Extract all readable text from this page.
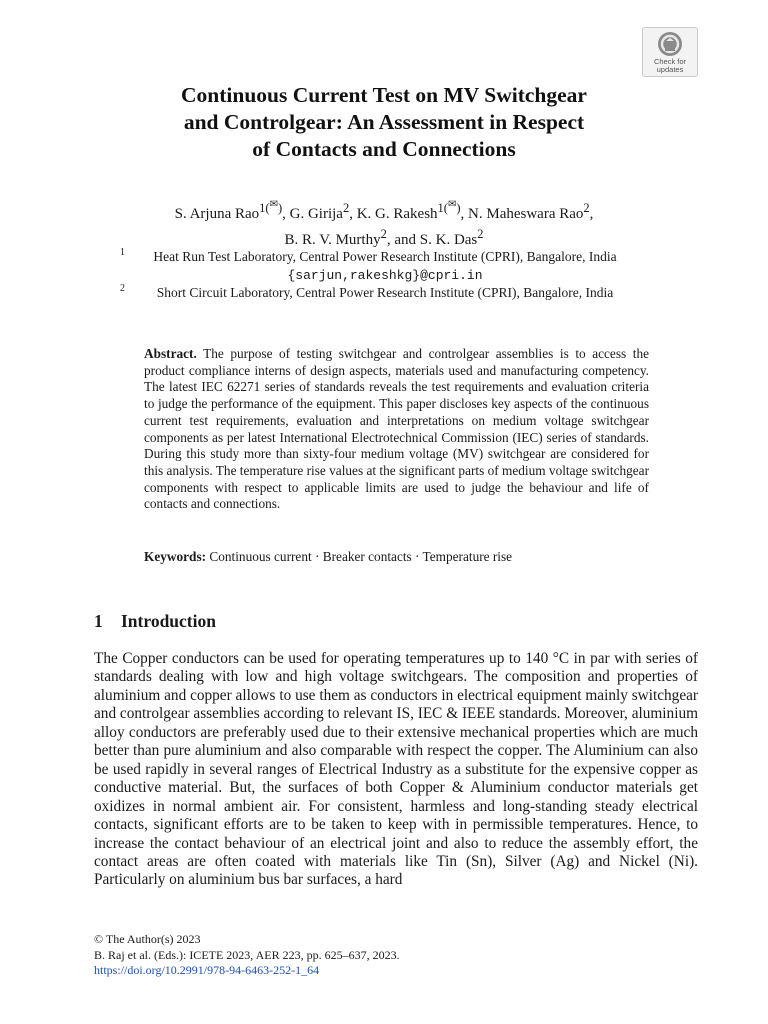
Check for
updates
Continuous Current Test on MV Switchgear
and Controlgear: An Assessment in Respect
of Contacts and Connections
S. Arjuna Rao$^{1(^✉)}$, G. Girija$^2$, K. G. Rakesh$^{1(^✉)}$, N. Maheswara Rao$^2$,
B. R. V. Murthy$^2$, and S. K. Das$^2$
1 Heat Run Test Laboratory, Central Power Research Institute (CPRI), Bangalore, India
{sarjun,rakeshkg}@cpri.in
2 Short Circuit Laboratory, Central Power Research Institute (CPRI), Bangalore, India

Abstract. The purpose of testing switchgear and controlgear assemblies is to access the product compliance interns of design aspects, materials used and manufacturing competency. The latest IEC 62271 series of standards reveals the test requirements and evaluation criteria to judge the performance of the equipment. This paper discloses key aspects of the continuous current test requirements, evaluation and interpretations on medium voltage switchgear components as per latest International Electrotechnical Commission (IEC) series of standards. During this study more than sixty-four medium voltage (MV) switchgear are considered for this analysis. The temperature rise values at the significant parts of medium voltage switchgear components with respect to applicable limits are used to judge the behaviour and life of contacts and connections.

Keywords: Continuous current · Breaker contacts · Temperature rise

1 Introduction

The Copper conductors can be used for operating temperatures up to 140 °C in par with series of standards dealing with low and high voltage switchgears. The composition and properties of aluminium and copper allows to use them as conductors in electrical equipment mainly switchgear and controlgear assemblies according to relevant IS, IEC & IEEE standards. Moreover, aluminium alloy conductors are preferably used due to their extensive mechanical properties which are much better than pure aluminium and also comparable with respect the copper. The Aluminium can also be used rapidly in several ranges of Electrical Industry as a substitute for the expensive copper as conductive material. But, the surfaces of both Copper & Aluminium conductor materials get oxidizes in normal ambient air. For consistent, harmless and long-standing steady electrical contacts, significant efforts are to be taken to keep with in permissible temperatures. Hence, to increase the contact behaviour of an electrical joint and also to reduce the assembly effort, the contact areas are often coated with materials like Tin (Sn), Silver (Ag) and Nickel (Ni). Particularly on aluminium bus bar surfaces, a hard

© The Author(s) 2023
B. Raj et al. (Eds.): ICETE 2023, AER 223, pp. 625–637, 2023.
https://doi.org/10.2991/978-94-6463-252-1_64
